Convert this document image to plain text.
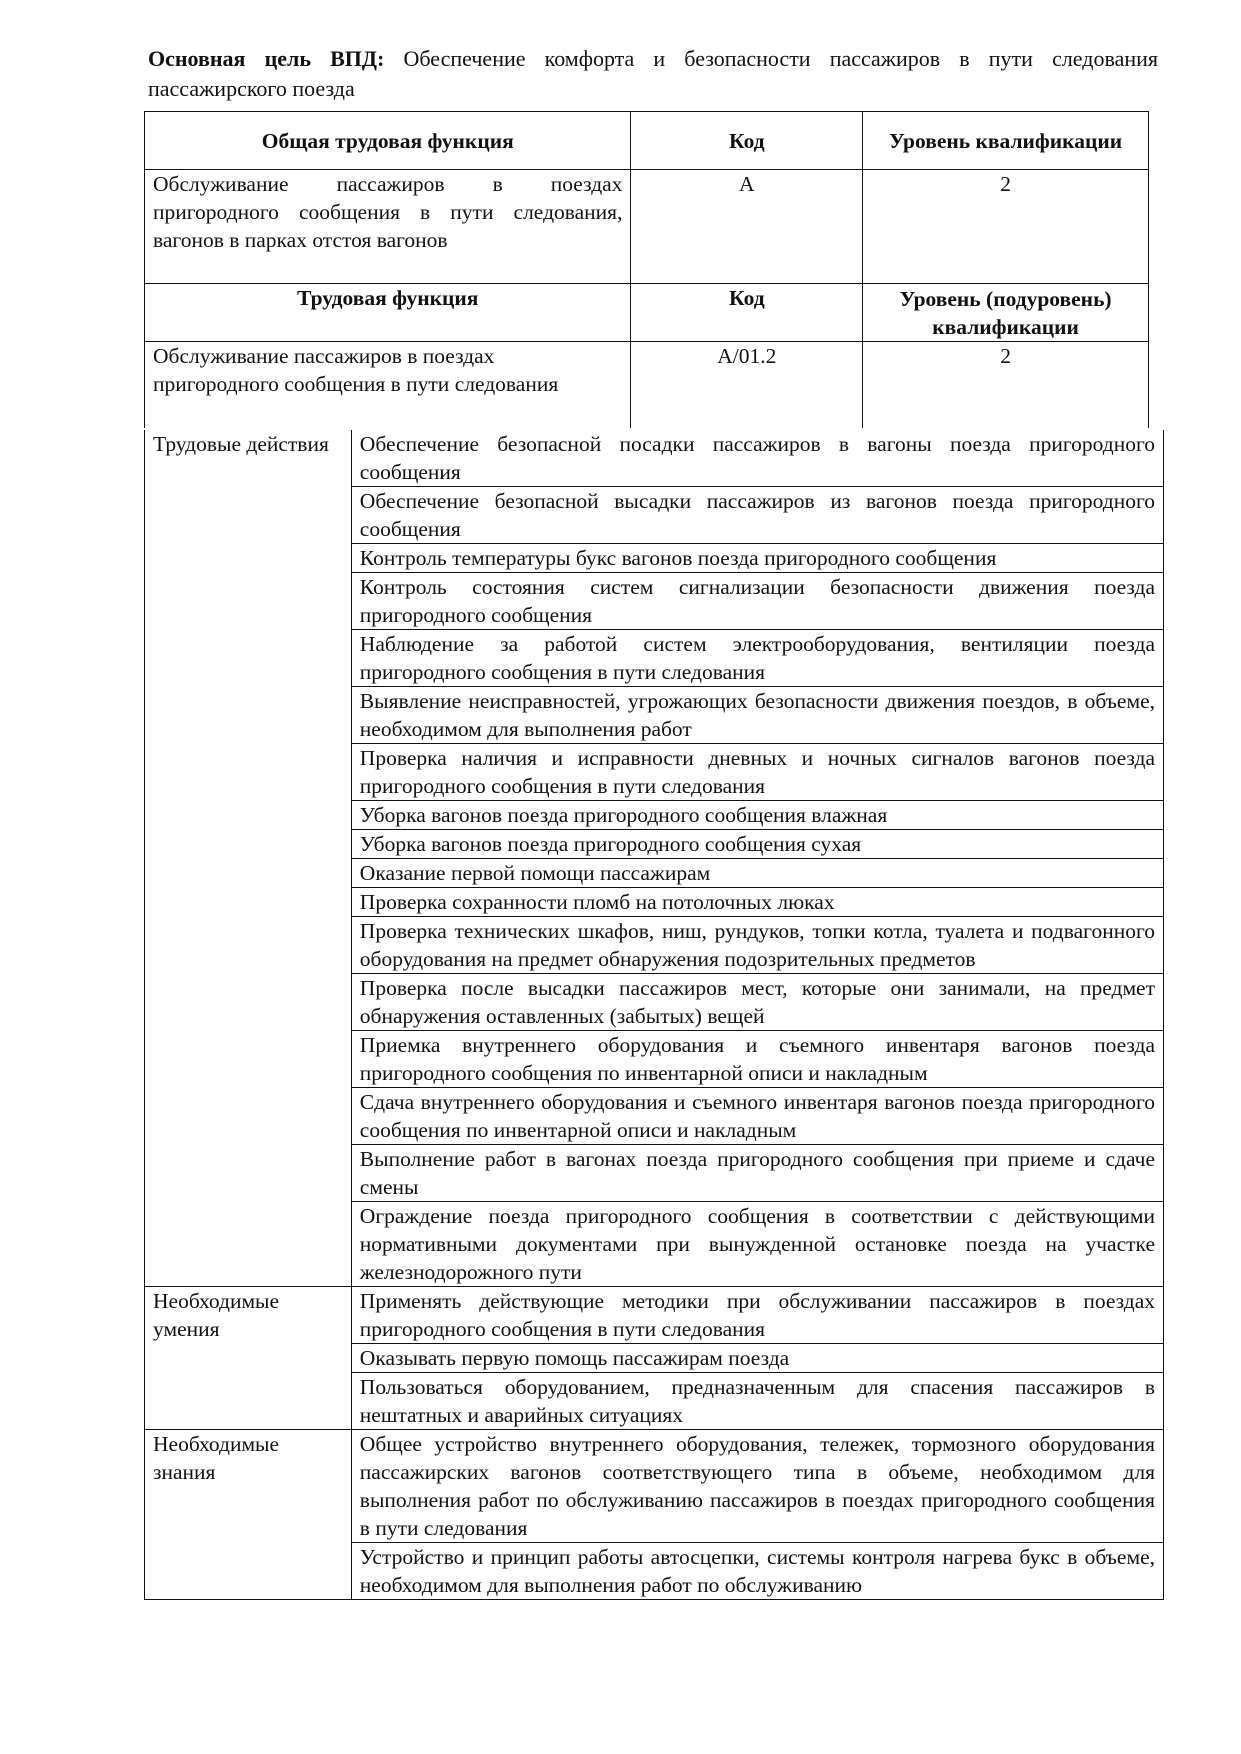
Основная цель ВПД: Обеспечение комфорта и безопасности пассажиров в пути следования пассажирского поезда
Общая трудовая функция	Код	Уровень квалификации
Обслуживание пассажиров в поездах пригородного сообщения в пути следования, вагонов в парках отстоя вагонов	А	2
Трудовая функция	Код	Уровень (подуровень) квалификации
Обслуживание пассажиров в поездах пригородного сообщения в пути следования	А/01.2	2
Трудовые действия	Обеспечение безопасной посадки пассажиров в вагоны поезда пригородного сообщения
	Обеспечение безопасной высадки пассажиров из вагонов поезда пригородного сообщения
	Контроль температуры букс вагонов поезда пригородного сообщения
	Контроль состояния систем сигнализации безопасности движения поезда пригородного сообщения
	Наблюдение за работой систем электрооборудования, вентиляции поезда пригородного сообщения в пути следования
	Выявление неисправностей, угрожающих безопасности движения поездов, в объеме, необходимом для выполнения работ
	Проверка наличия и исправности дневных и ночных сигналов вагонов поезда пригородного сообщения в пути следования
	Уборка вагонов поезда пригородного сообщения влажная
	Уборка вагонов поезда пригородного сообщения сухая
	Оказание первой помощи пассажирам
	Проверка сохранности пломб на потолочных люках
	Проверка технических шкафов, ниш, рундуков, топки котла, туалета и подвагонного оборудования на предмет обнаружения подозрительных предметов
	Проверка после высадки пассажиров мест, которые они занимали, на предмет обнаружения оставленных (забытых) вещей
	Приемка внутреннего оборудования и съемного инвентаря вагонов поезда пригородного сообщения по инвентарной описи и накладным
	Сдача внутреннего оборудования и съемного инвентаря вагонов поезда пригородного сообщения по инвентарной описи и накладным
	Выполнение работ в вагонах поезда пригородного сообщения при приеме и сдаче смены
	Ограждение поезда пригородного сообщения в соответствии с действующими нормативными документами при вынужденной остановке поезда на участке железнодорожного пути
Необходимые умения	Применять действующие методики при обслуживании пассажиров в поездах пригородного сообщения в пути следования
	Оказывать первую помощь пассажирам поезда
	Пользоваться оборудованием, предназначенным для спасения пассажиров в нештатных и аварийных ситуациях
Необходимые знания	Общее устройство внутреннего оборудования, тележек, тормозного оборудования пассажирских вагонов соответствующего типа в объеме, необходимом для выполнения работ по обслуживанию пассажиров в поездах пригородного сообщения в пути следования
	Устройство и принцип работы автосцепки, системы контроля нагрева букс в объеме, необходимом для выполнения работ по обслуживанию
